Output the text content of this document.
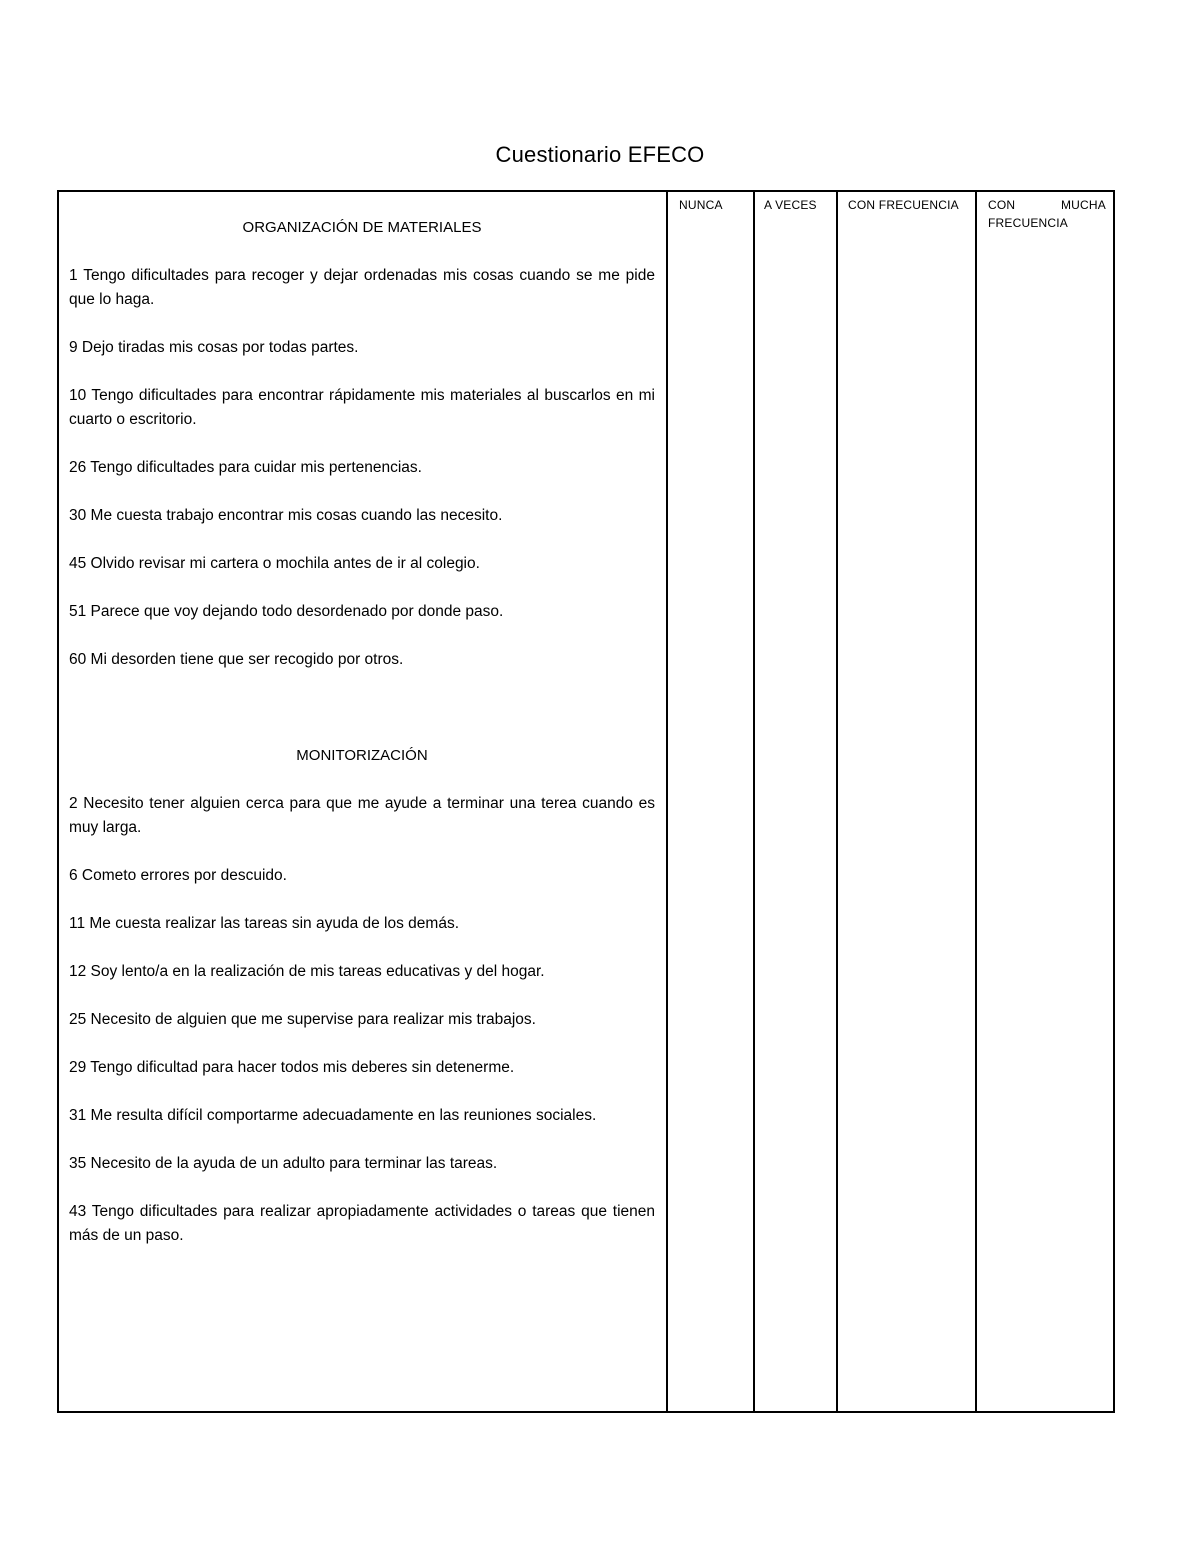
Cuestionario EFECO
NUNCA	A VECES	CON FRECUENCIA CON MUCHA FRECUENCIA
ORGANIZACIÓN DE MATERIALES

1 Tengo dificultades para recoger y dejar ordenadas mis cosas cuando se me pide que lo haga.

9 Dejo tiradas mis cosas por todas partes.

10 Tengo dificultades para encontrar rápidamente mis materiales al buscarlos en mi cuarto o escritorio.

26 Tengo dificultades para cuidar mis pertenencias.

30 Me cuesta trabajo encontrar mis cosas cuando las necesito.

45 Olvido revisar mi cartera o mochila antes de ir al colegio.

51 Parece que voy dejando todo desordenado por donde paso.

60 Mi desorden tiene que ser recogido por otros.

MONITORIZACIÓN

2 Necesito tener alguien cerca para que me ayude a terminar una terea cuando es muy larga.

6 Cometo errores por descuido.

11 Me cuesta realizar las tareas sin ayuda de los demás.

12 Soy lento/a en la realización de mis tareas educativas y del hogar.

25 Necesito de alguien que me supervise para realizar mis trabajos.

29 Tengo dificultad para hacer todos mis deberes sin detenerme.

31 Me resulta difícil comportarme adecuadamente en las reuniones sociales.

35 Necesito de la ayuda de un adulto para terminar las tareas.

43 Tengo dificultades para realizar apropiadamente actividades o tareas que tienen más de un paso.
